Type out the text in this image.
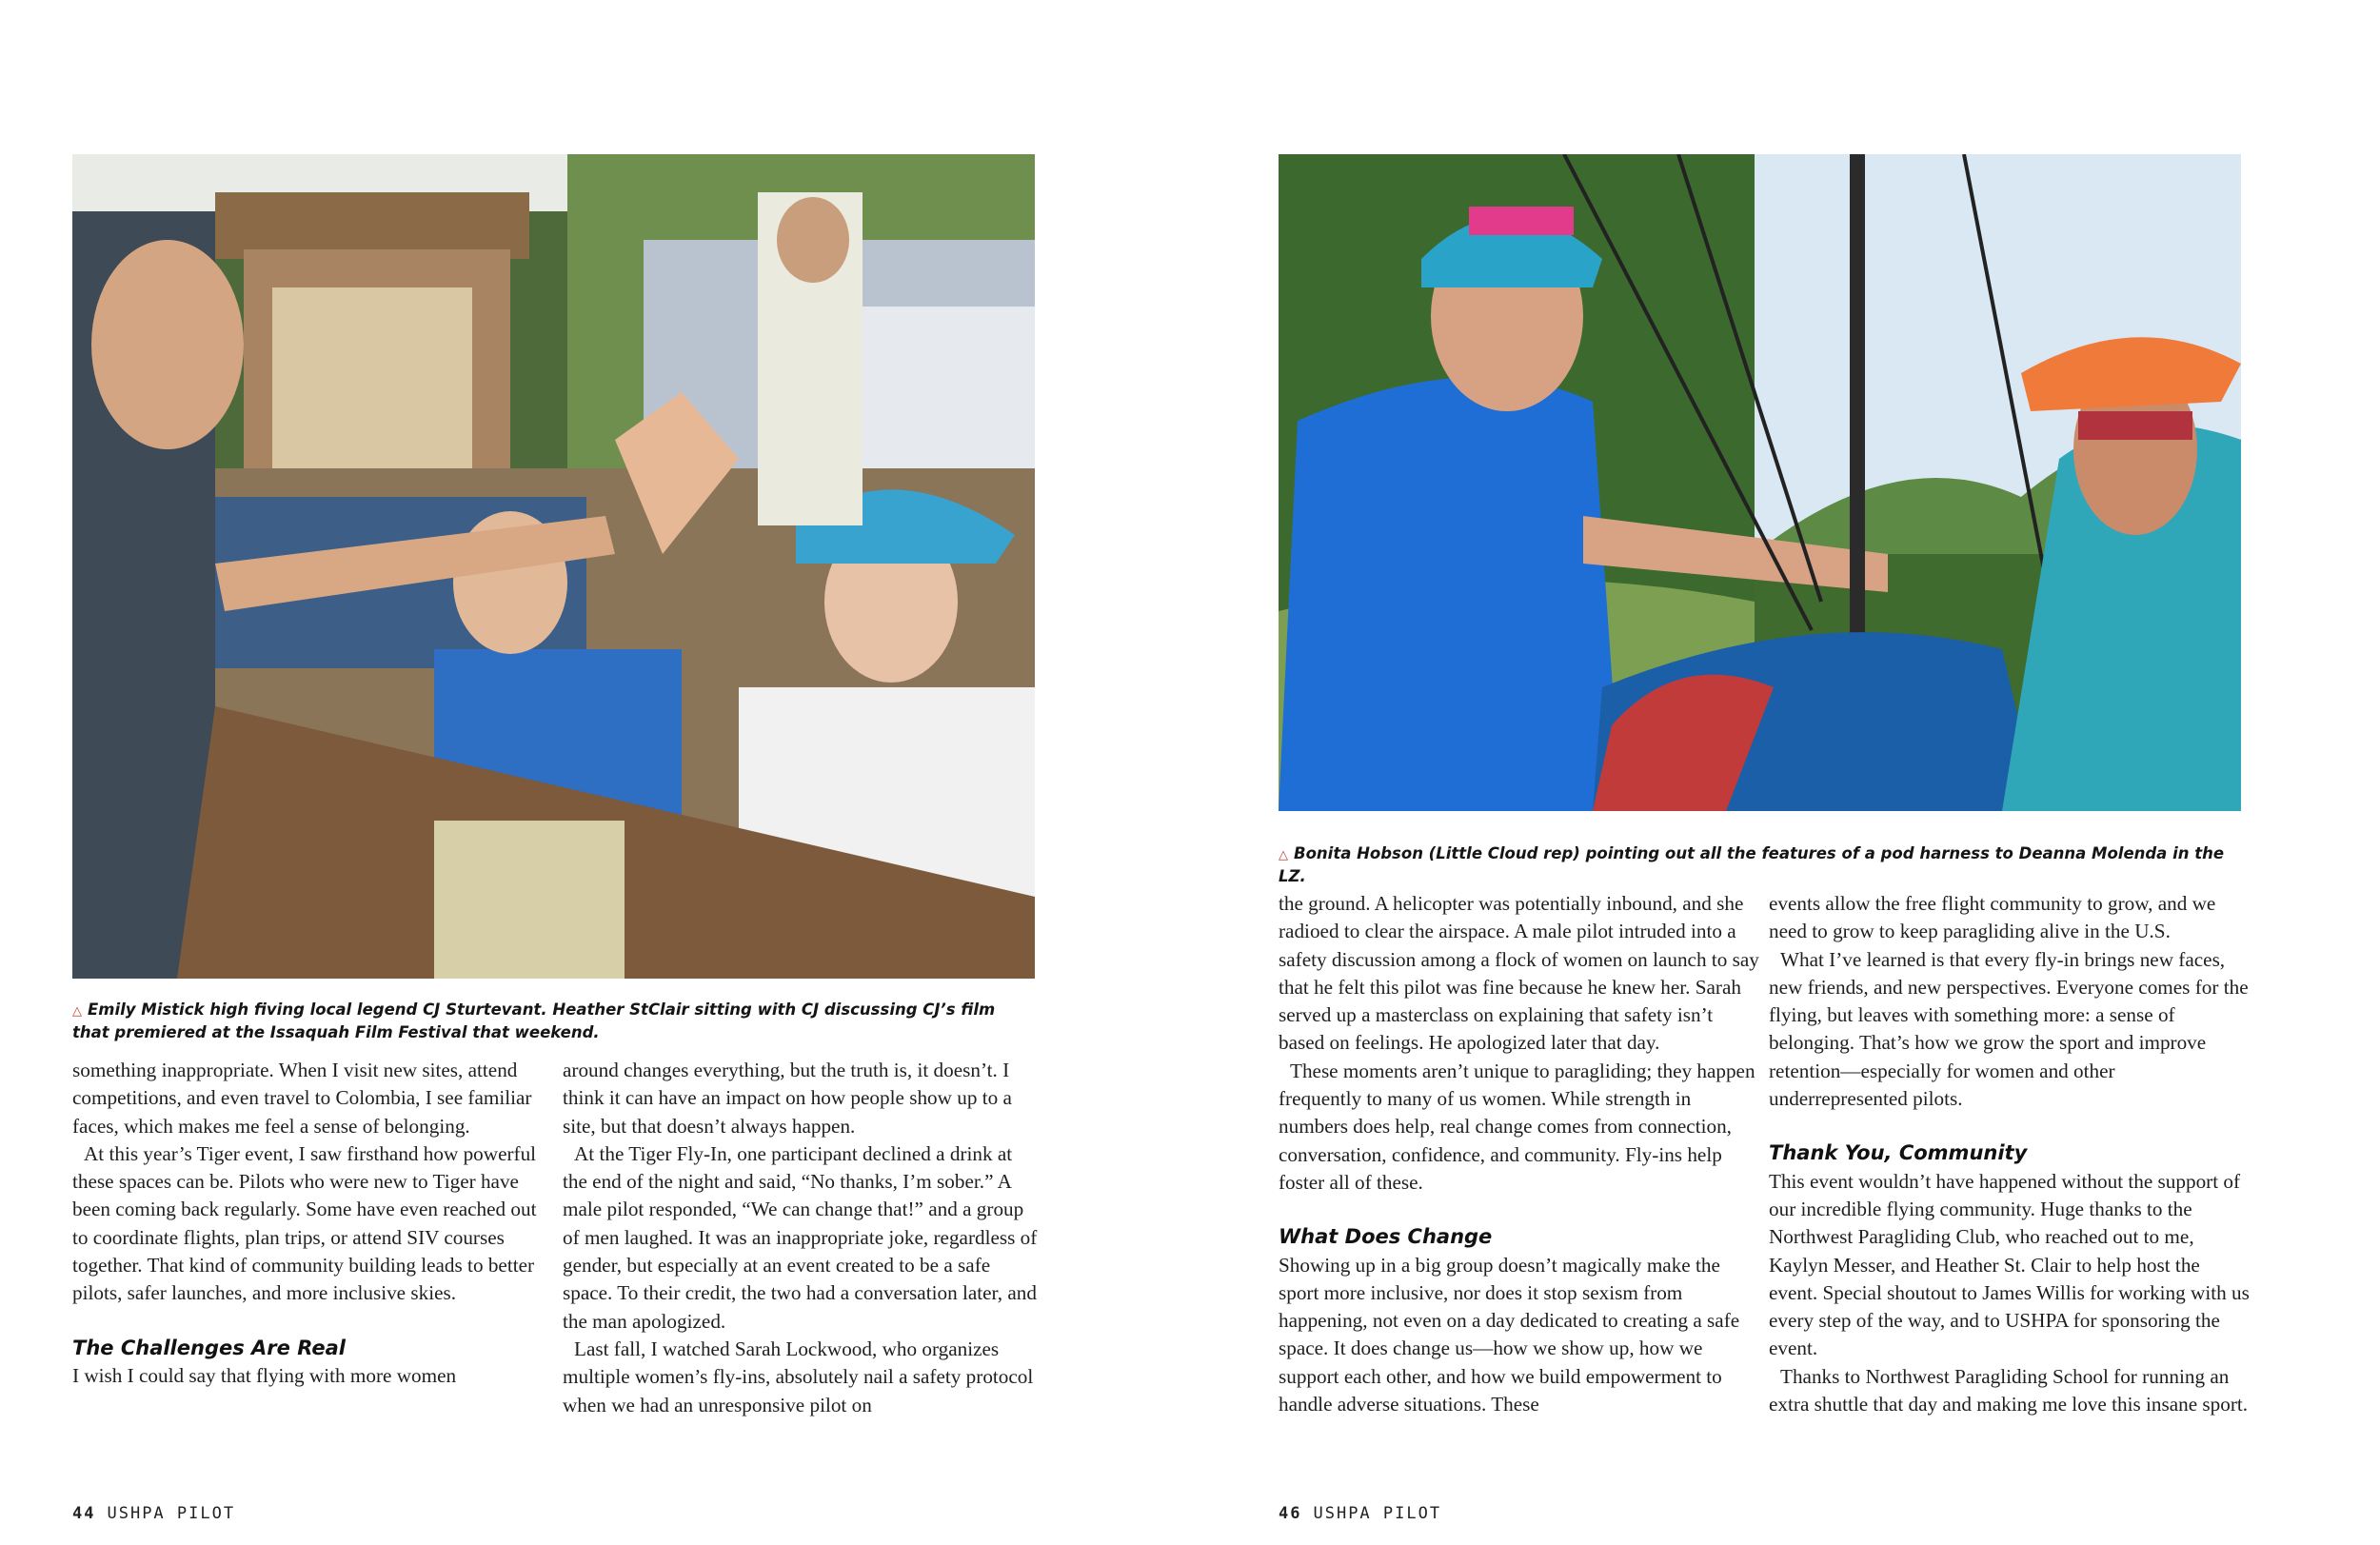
△ Emily Mistick high fiving local legend CJ Sturtevant. Heather StClair sitting with CJ discussing CJ’s film that premiered at the Issaquah Film Festival that weekend.

something inappropriate. When I visit new sites, attend competitions, and even travel to Colombia, I see familiar faces, which makes me feel a sense of belonging.

At this year’s Tiger event, I saw firsthand how powerful these spaces can be. Pilots who were new to Tiger have been coming back regularly. Some have even reached out to coordinate flights, plan trips, or attend SIV courses together. That kind of community building leads to better pilots, safer launches, and more inclusive skies.

The Challenges Are Real

I wish I could say that flying with more women

around changes everything, but the truth is, it doesn’t. I think it can have an impact on how people show up to a site, but that doesn’t always happen.

At the Tiger Fly-In, one participant declined a drink at the end of the night and said, “No thanks, I’m sober.” A male pilot responded, “We can change that!” and a group of men laughed. It was an inappropriate joke, regardless of gender, but especially at an event created to be a safe space. To their credit, the two had a conversation later, and the man apologized.

Last fall, I watched Sarah Lockwood, who organizes multiple women’s fly-ins, absolutely nail a safety protocol when we had an unresponsive pilot on

44 USHPA PILOT
△ Bonita Hobson (Little Cloud rep) pointing out all the features of a pod harness to Deanna Molenda in the LZ.

the ground. A helicopter was potentially inbound, and she radioed to clear the airspace. A male pilot intruded into a safety discussion among a flock of women on launch to say that he felt this pilot was fine because he knew her. Sarah served up a masterclass on explaining that safety isn’t based on feelings. He apologized later that day.

These moments aren’t unique to paragliding; they happen frequently to many of us women. While strength in numbers does help, real change comes from connection, conversation, confidence, and community. Fly-ins help foster all of these.

What Does Change

Showing up in a big group doesn’t magically make the sport more inclusive, nor does it stop sexism from happening, not even on a day dedicated to creating a safe space. It does change us—how we show up, how we support each other, and how we build empowerment to handle adverse situations. These

events allow the free flight community to grow, and we need to grow to keep paragliding alive in the U.S.

What I’ve learned is that every fly-in brings new faces, new friends, and new perspectives. Everyone comes for the flying, but leaves with something more: a sense of belonging. That’s how we grow the sport and improve retention—especially for women and other underrepresented pilots.

Thank You, Community

This event wouldn’t have happened without the support of our incredible flying community. Huge thanks to the Northwest Paragliding Club, who reached out to me, Kaylyn Messer, and Heather St. Clair to help host the event. Special shoutout to James Willis for working with us every step of the way, and to USHPA for sponsoring the event.

Thanks to Northwest Paragliding School for running an extra shuttle that day and making me love this insane sport.

46 USHPA PILOT
